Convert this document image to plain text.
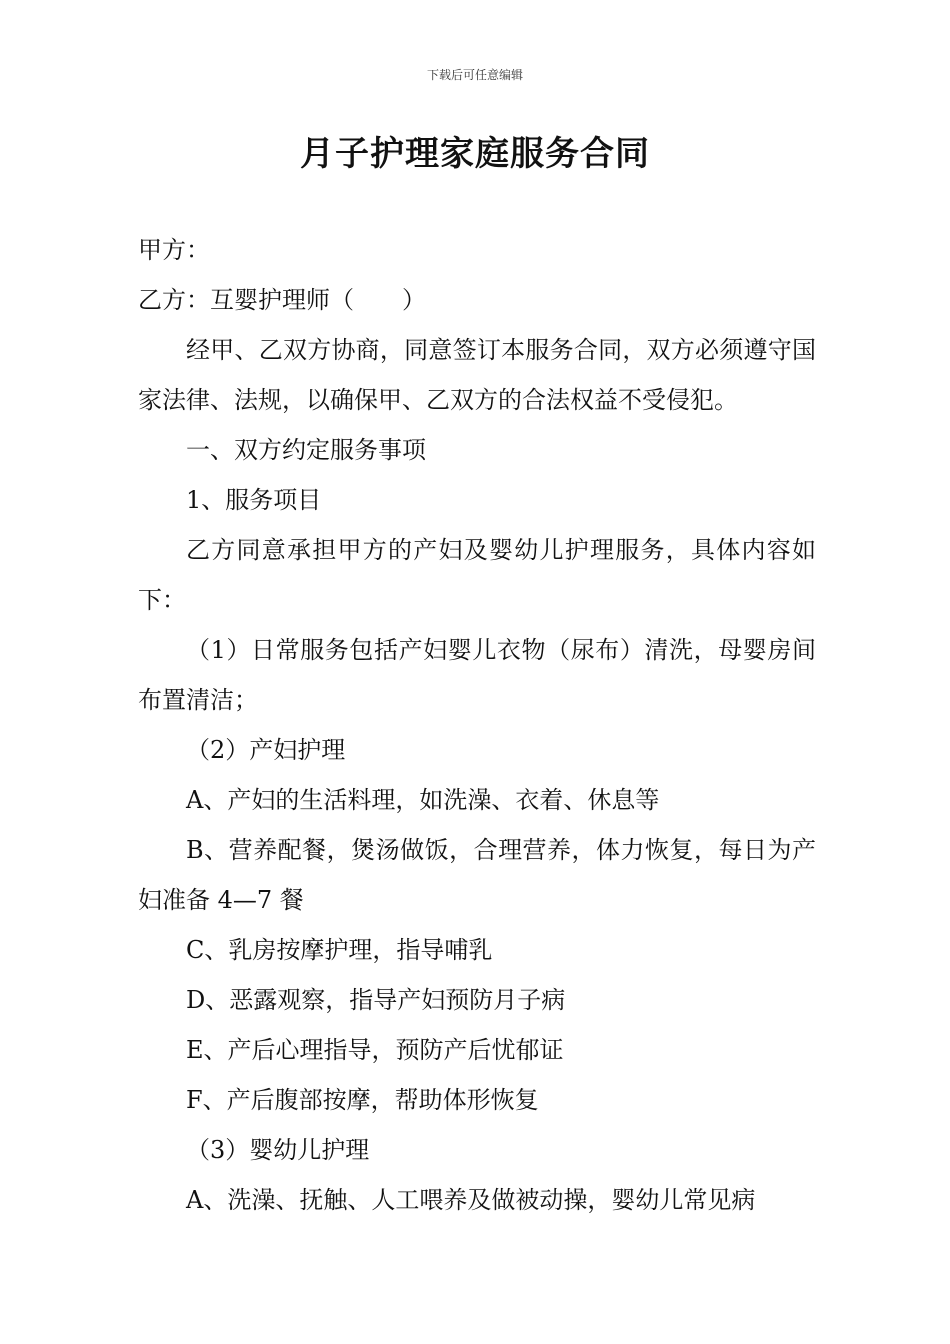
下载后可任意编辑
月子护理家庭服务合同

甲方：

乙方：互婴护理师（　　）

经甲、乙双方协商，同意签订本服务合同，双方必须遵守国家法律、法规，以确保甲、乙双方的合法权益不受侵犯。

一、双方约定服务事项

1、服务项目

乙方同意承担甲方的产妇及婴幼儿护理服务，具体内容如下：

（1）日常服务包括产妇婴儿衣物（尿布）清洗，母婴房间布置清洁；

（2）产妇护理

A、产妇的生活料理，如洗澡、衣着、休息等

B、营养配餐，煲汤做饭，合理营养，体力恢复，每日为产妇准备 4—7 餐

C、乳房按摩护理，指导哺乳

D、恶露观察，指导产妇预防月子病

E、产后心理指导，预防产后忧郁证

F、产后腹部按摩，帮助体形恢复

（3）婴幼儿护理

A、洗澡、抚触、人工喂养及做被动操，婴幼儿常见病
